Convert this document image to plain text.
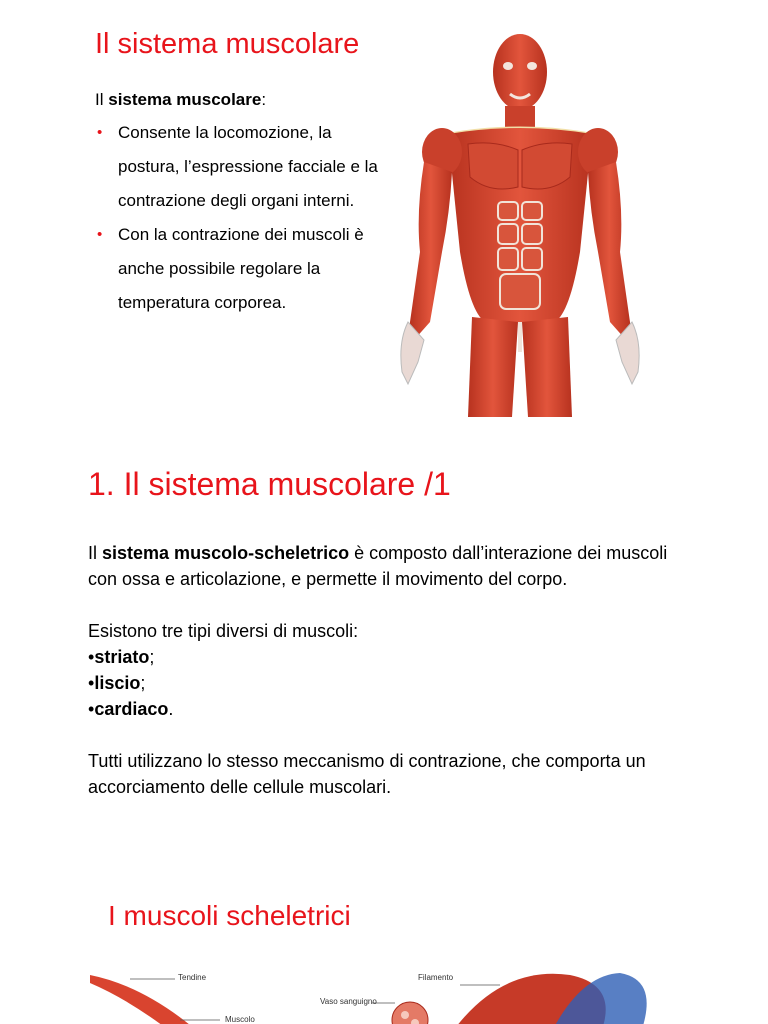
Il sistema muscolare
Il sistema muscolare:
• Consente la locomozione, la postura, l’espressione facciale e la contrazione degli organi interni.
• Con la contrazione dei muscoli è anche possibile regolare la temperatura corporea.
1. Il sistema muscolare /1

Il sistema muscolo-scheletrico è composto dall’interazione dei muscoli con ossa e articolazione, e permette il movimento del corpo.

Esistono tre tipi diversi di muscoli:

•striato;

•liscio;

•cardiaco.

Tutti utilizzano lo stesso meccanismo di contrazione, che comporta un accorciamento delle cellule muscolari.

I muscoli scheletrici
Tendine
Muscolo
Filamento
Vaso sanguigno
